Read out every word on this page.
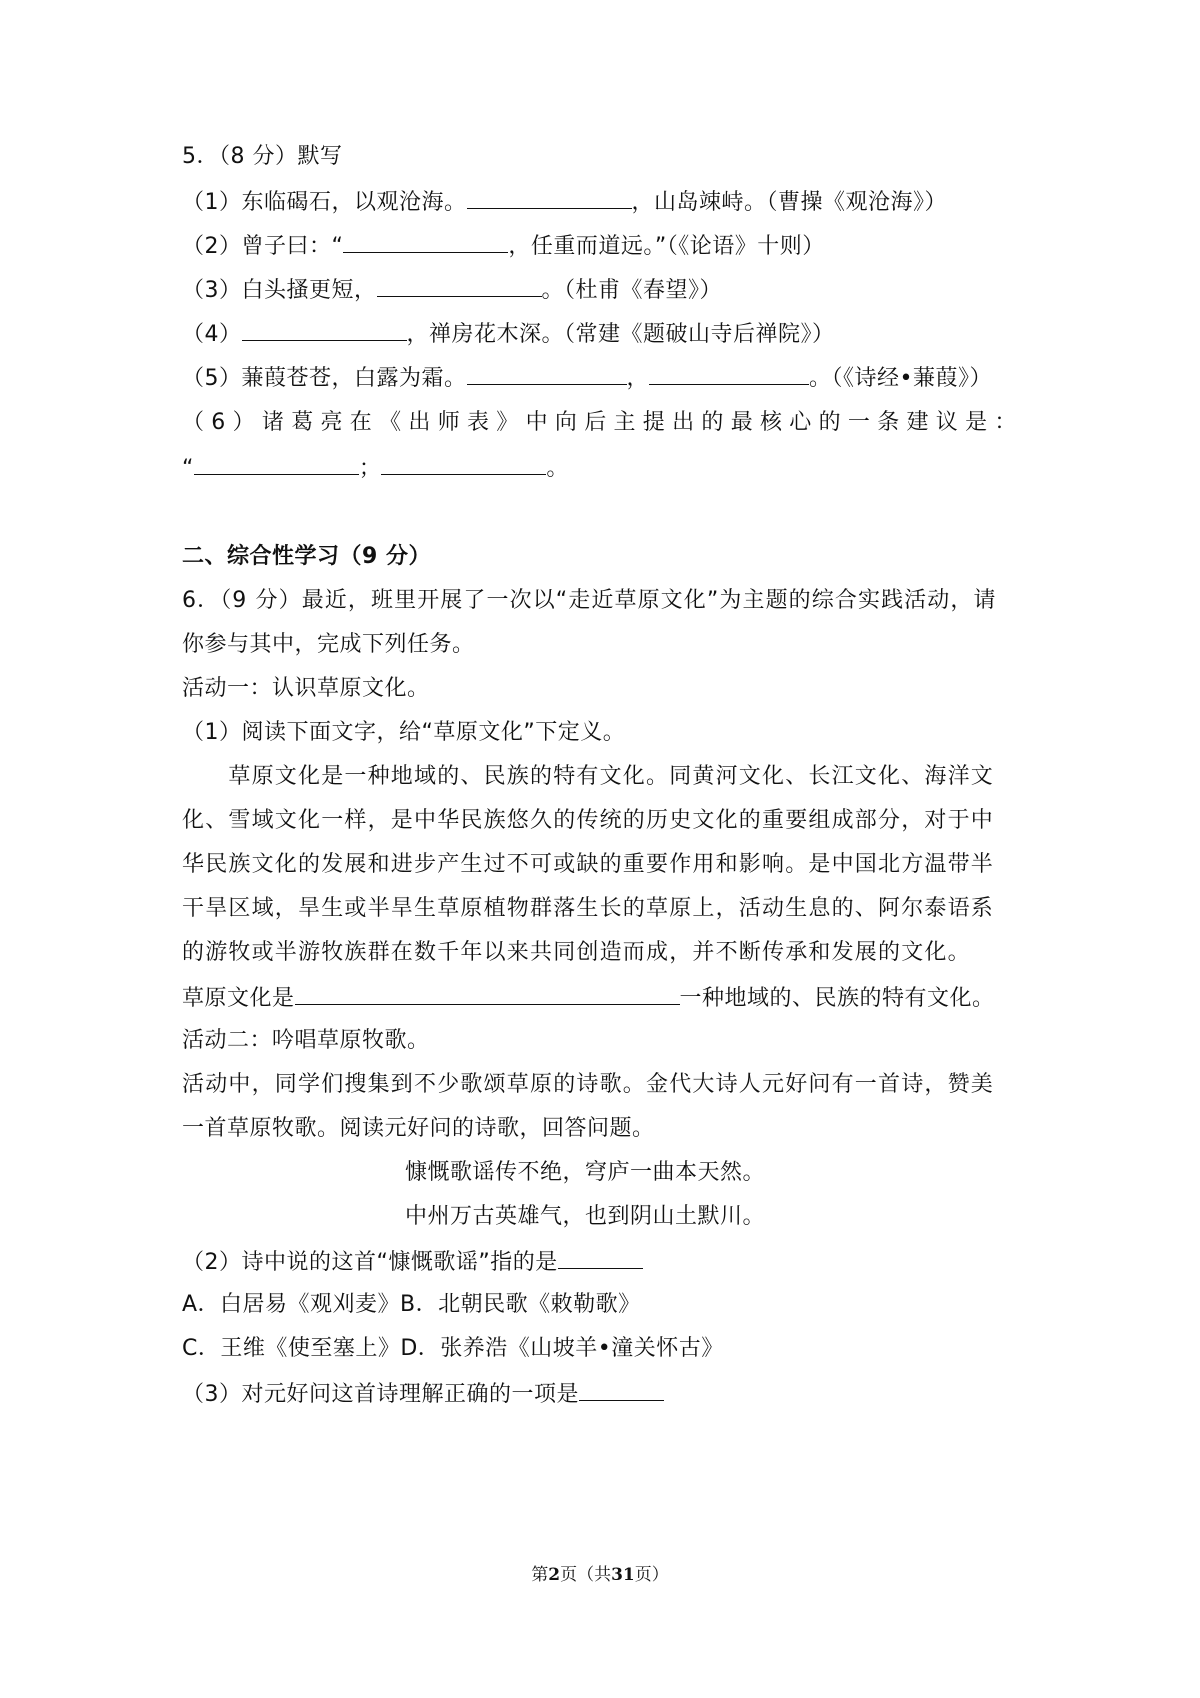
5．（8 分）默写
（1）东临碣石，以观沧海。	，山岛竦峙。（曹操《观沧海》）
（2）曾子曰：“	，任重而道远。”（《论语》十则）
（3）白头搔更短，	。（杜甫《春望》）
（4）	，禅房花木深。（常建《题破山寺后禅院》）
（5）蒹葭苍苍，白露为霜。	，	。（《诗经•蒹葭》）
（6）诸葛亮在《出师表》中向后主提出的最核心的一条建议是：
“	；	。
二、综合性学习（9 分）
6．（9 分）最近，班里开展了一次以“走近草原文化”为主题的综合实践活动，请
你参与其中，完成下列任务。
活动一：认识草原文化。
（1）阅读下面文字，给“草原文化”下定义。
　　草原文化是一种地域的、民族的特有文化。同黄河文化、长江文化、海洋文
化、雪域文化一样，是中华民族悠久的传统的历史文化的重要组成部分，对于中
华民族文化的发展和进步产生过不可或缺的重要作用和影响。是中国北方温带半
干旱区域，旱生或半旱生草原植物群落生长的草原上，活动生息的、阿尔泰语系
的游牧或半游牧族群在数千年以来共同创造而成，并不断传承和发展的文化。
草原文化是	一种地域的、民族的特有文化。
活动二：吟唱草原牧歌。
活动中，同学们搜集到不少歌颂草原的诗歌。金代大诗人元好问有一首诗，赞美
一首草原牧歌。阅读元好问的诗歌，回答问题。
慷慨歌谣传不绝，穹庐一曲本天然。
中州万古英雄气，也到阴山土默川。
（2）诗中说的这首“慷慨歌谣”指的是
A．白居易《观刈麦》B．北朝民歌《敕勒歌》
C．王维《使至塞上》D．张养浩《山坡羊•潼关怀古》
（3）对元好问这首诗理解正确的一项是
第2页（共31页）
